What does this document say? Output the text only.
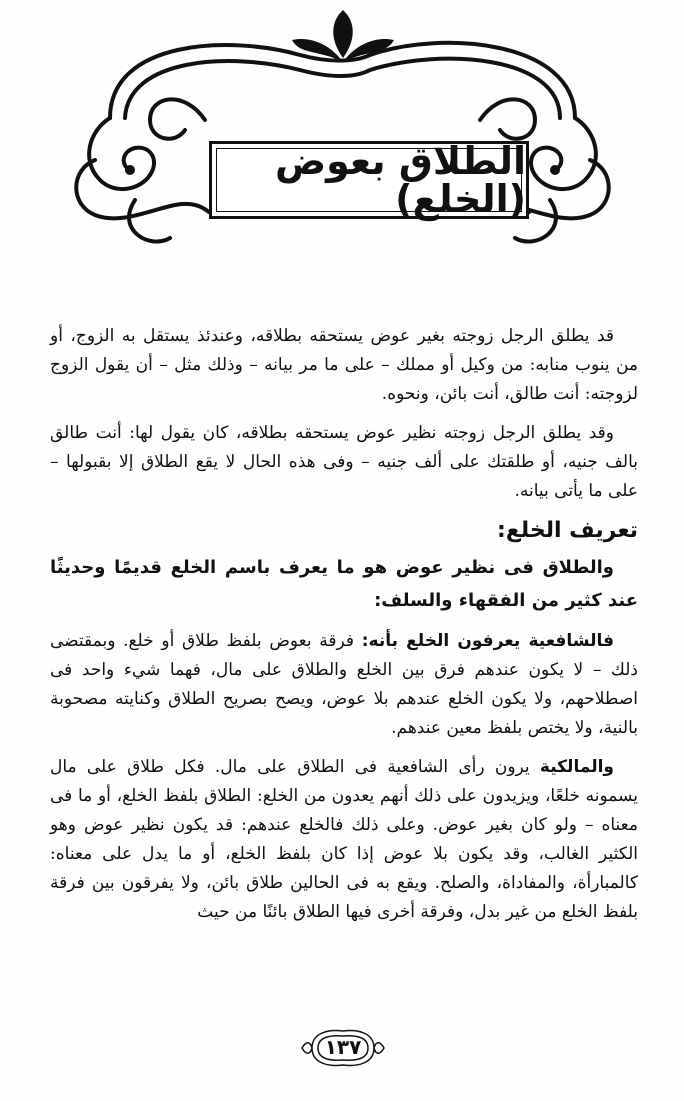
الطلاق بعوض (الخلع)

قد يطلق الرجل زوجته بغير عوض يستحقه بطلاقه، وعندئذ يستقل به الزوج، أو من ينوب منابه: من وكيل أو مملك – على ما مر بيانه – وذلك مثل – أن يقول الزوج لزوجته: أنت طالق، أنت بائن، ونحوه.

وقد يطلق الرجل زوجته نظير عوض يستحقه بطلاقه، كان يقول لها: أنت طالق بالف جنيه، أو طلقتك على ألف جنيه – وفى هذه الحال لا يقع الطلاق إلا بقبولها – على ما يأتى بيانه.

تعريف الخلع:

والطلاق فى نظير عوض هو ما يعرف باسم الخلع قديمًا وحديثًا عند كثير من الفقهاء والسلف:

فالشافعية يعرفون الخلع بأنه: فرقة بعوض بلفظ طلاق أو خلع. وبمقتضى ذلك – لا يكون عندهم فرق بين الخلع والطلاق على مال، فهما شيء واحد فى اصطلاحهم، ولا يكون الخلع عندهم بلا عوض، ويصح بصريح الطلاق وكنايته مصحوبة بالنية، ولا يختص بلفظ معين عندهم.

والمالكية يرون رأى الشافعية فى الطلاق على مال. فكل طلاق على مال يسمونه خلعًا، ويزيدون على ذلك أنهم يعدون من الخلع: الطلاق بلفظ الخلع، أو ما فى معناه – ولو كان بغير عوض. وعلى ذلك فالخلع عندهم: قد يكون نظير عوض وهو الكثير الغالب، وقد يكون بلا عوض إذا كان بلفظ الخلع، أو ما يدل على معناه: كالمبارأة، والمفاداة، والصلح. ويقع به فى الحالين طلاق بائن، ولا يفرقون بين فرقة بلفظ الخلع من غير بدل، وفرقة أخرى فيها الطلاق بائنًا من حيث

١٣٧
